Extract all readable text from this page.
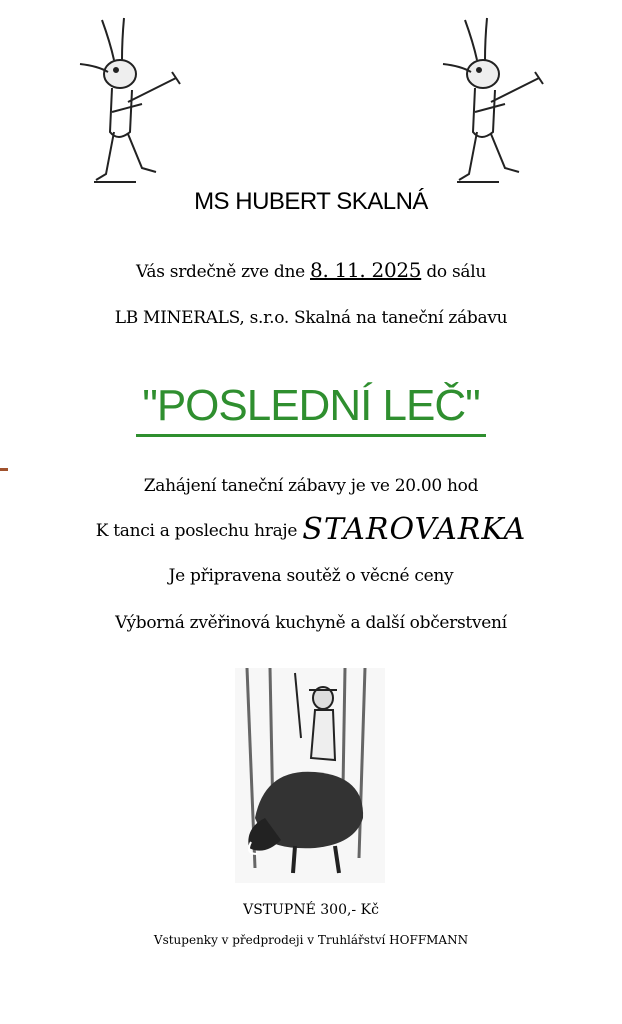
MS HUBERT SKALNÁ
Vás srdečně zve dne 8. 11. 2025 do sálu
LB MINERALS, s.r.o. Skalná na taneční zábavu
"POSLEDNÍ LEČ"
Zahájení taneční zábavy je ve 20.00 hod
K tanci a poslechu hraje STAROVARKA
Je připravena soutěž o věcné ceny
Výborná zvěřinová kuchyně a další občerstvení
VSTUPNÉ 300,- Kč
Vstupenky v předprodeji v Truhlářství HOFFMANN
